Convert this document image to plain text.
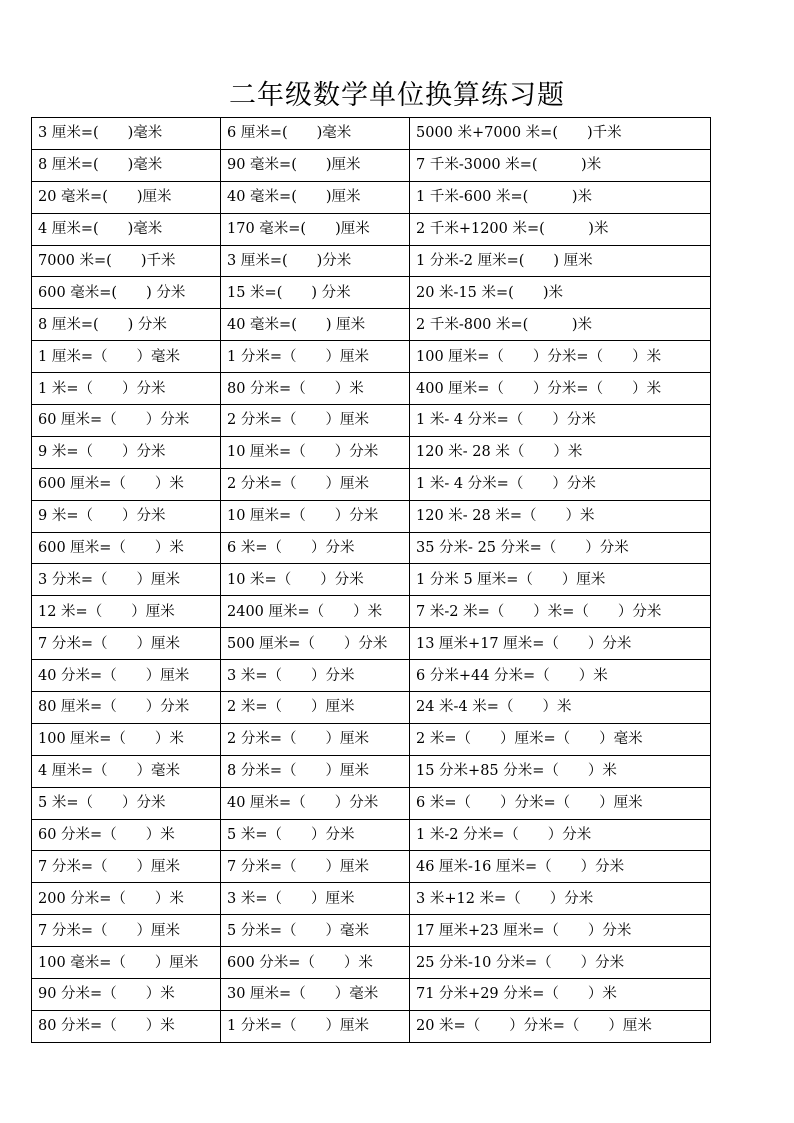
二年级数学单位换算练习题
3 厘米=(　　)毫米	6 厘米=(　　)毫米	5000 米+7000 米=(　　)千米
8 厘米=(　　)毫米	90 毫米=(　　)厘米	7 千米-3000 米=(　　　)米
20 毫米=(　　)厘米	40 毫米=(　　)厘米	1 千米-600 米=(　　　)米
4 厘米=(　　)毫米	170 毫米=(　　)厘米	2 千米+1200 米=(　　　)米
7000 米=(　　)千米	3 厘米=(　　)分米	1 分米-2 厘米=(　　) 厘米
600 毫米=(　　) 分米	15 米=(　　) 分米	20 米-15 米=(　　)米
8 厘米=(　　) 分米	40 毫米=(　　) 厘米	2 千米-800 米=(　　　)米
1 厘米=（　　）毫米	1 分米=（　　）厘米	100 厘米=（　　）分米=（　　）米
1 米=（　　）分米	80 分米=（　　）米	400 厘米=（　　）分米=（　　）米
60 厘米=（　　）分米	2 分米=（　　）厘米	1 米- 4 分米=（　　）分米
9 米=（　　）分米	10 厘米=（　　）分米	120 米- 28 米（　　）米
600 厘米=（　　）米	2 分米=（　　）厘米	1 米- 4 分米=（　　）分米
9 米=（　　）分米	10 厘米=（　　）分米	120 米- 28 米=（　　）米
600 厘米=（　　）米	6 米=（　　）分米	35 分米- 25 分米=（　　）分米
3 分米=（　　）厘米	10 米=（　　）分米	1 分米 5 厘米=（　　）厘米
12 米=（　　）厘米	2400 厘米=（　　）米	7 米-2 米=（　　）米=（　　）分米
7 分米=（　　）厘米	500 厘米=（　　）分米	13 厘米+17 厘米=（　　）分米
40 分米=（　　）厘米	3 米=（　　）分米	6 分米+44 分米=（　　）米
80 厘米=（　　）分米	2 米=（　　）厘米	24 米-4 米=（　　）米
100 厘米=（　　）米	2 分米=（　　）厘米	2 米=（　　）厘米=（　　）毫米
4 厘米=（　　）毫米	8 分米=（　　）厘米	15 分米+85 分米=（　　）米
5 米=（　　）分米	40 厘米=（　　）分米	6 米=（　　）分米=（　　）厘米
60 分米=（　　）米	5 米=（　　）分米	1 米-2 分米=（　　）分米
7 分米=（　　）厘米	7 分米=（　　）厘米	46 厘米-16 厘米=（　　）分米
200 分米=（　　）米	3 米=（　　）厘米	3 米+12 米=（　　）分米
7 分米=（　　）厘米	5 分米=（　　）毫米	17 厘米+23 厘米=（　　）分米
100 毫米=（　　）厘米	600 分米=（　　）米	25 分米-10 分米=（　　）分米
90 分米=（　　）米	30 厘米=（　　）毫米	71 分米+29 分米=（　　）米
80 分米=（　　）米	1 分米=（　　）厘米	20 米=（　　）分米=（　　）厘米
